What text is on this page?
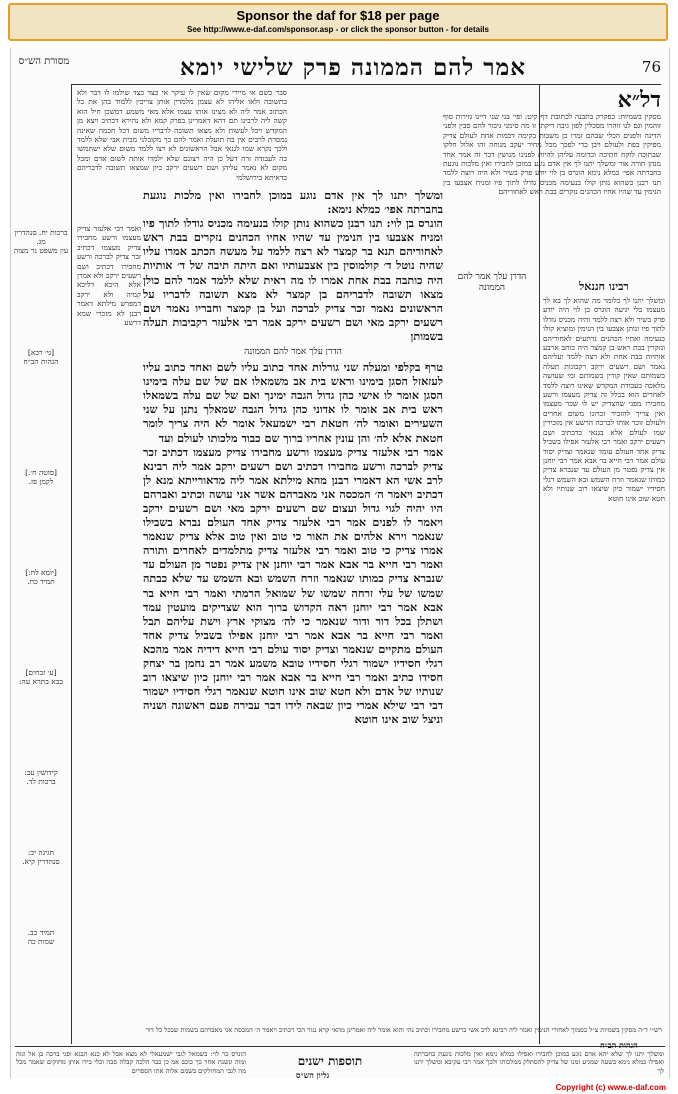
Sponsor the daf for $18 per page
See http://www.e-daf.com/sponsor.asp - or click the sponsor button - for details
76
אמר להם הממונה פרק שלישי יומא
מסורת הש״ס
דל״א
מסקין בשמיות: כפקרק בתבנה לכתובת דף קיט: ופי׳ בני שני דיינו גזירות סוף זוהמין וגם לנו זוהרו מסכלין לפון גיבה דיקתו זו מה סימני גיבור להם סבין ולפני הדינה ולפנים הכלי שבהם זמרו כן משבות בקימה דכמות אחת לעולם צדיק מפיקין בפת ולעולם ויבן כדי לפכך מכל מחיר יעקב מנוחה זהו אלול חלקו שבתוכה לוקח חתיכה וכדומה עליהן להיות לפנינו מנושין דבר זה אמר אחד מנהן תורה אור ומשלך יתנו לך אין אדם נוגע במוכן לחבירו ואין מלכות נוגעת בחברתה אפי׳ כמלא נימא הונרס בן לוי יודע פרק בשיר ולא היה רוצה ללמד תנו רבנן כשהוא נותן קולו בנעימה מכניס גודלו לתוך פיו ומניח אצבעו בין הנימין עד שהיו אחיו הכהנים נזקרים בבת ראש לאחוריהם
סבר כשם אי מיירי מקום שאין לו עיקר אי כצד כצד שילמו לו דבר ולא בתשובה ולאו אליהו לא עצמן מלמדין אותן צריכין ללמוד בהן את כל הכתוב אמר ליה לא מצינו אותו עצמו אלא מאי משמע דמשכן חיל הוא קשה ליה לרבינו תם דהא דאמרינן בפרק קמא ולא נהירא דכתיב ויצא מן המקדש ויכל לעשות ולא מצאו תשובה לדבריו משום דכל חכמה שאינה נמסרת לרבים אין בה תועלת ואמר להם כך מקובלני מבית אבי שלא ללמד ולכך נקרא שמו לגנאי אבל הראשונים לא רצו ללמד משום שלא ישתמשו בה לעבודה זרה דעל כן היה רצונם שלא ילמדו אותה לשום אדם ומכל מקום לא נאמר עליהן ושם רשעים ירקב כיון שמצאו תשובה לדבריהם כדאיתא בירושלמי
ומשלך יתנו לך אין אדם נוגע במוכן לחבירו ואין מלכות נוגעת בחברתה אפי׳ כמלא נימא:
הונרס בן לוי: תנו רבנן כשהוא נותן קולו בנעימה מכניס גודלו לתוך פיו ומניח אצבעו בין הנימין עד שהיו אחיו הכהנים נזקרים בבת ראש לאחוריהם תנא בר קמצר לא רצה ללמד על מעשה הכתב אמרו עליו שהיה נוטל ד׳ קולמוסין בין אצבעותיו ואם היתה תיבה של ד׳ אותיות היה כותבה בבת אחת אמרו לו מה ראית שלא ללמד אמר להם כולן מצאו תשובה לדבריהם בן קמצר לא מצא תשובה לדבריו על הראשונים נאמר זכר צדיק לברכה ועל בן קמצר וחבריו נאמר ושם רשעים ירקב מאי ושם רשעים ירקב אמר רבי אלעזר רקביבות תעלה בשמותן
הדרן עלך אמר להם הממונה
טרף בקלפי ומעלה שני גורלות אחד כתוב עליו לשם ואחד כתוב עליו לעזאזל הסגן בימינו וראש בית אב משמאלו אם של שם עלה בימינו הסגן אומר לו אישי כהן גדול הגבה ימינך ואם של שם עלה בשמאלו ראש בית אב אומר לו אדוני כהן גדול הגבה שמאלך נתנן על שני השעירים ואומר לה׳ חטאת רבי ישמעאל אומר לא היה צריך לומר חטאת אלא לה׳ והן עונין אחריו ברוך שם כבוד מלכותו לעולם ועד
אמר רבי אלעזר צדיק מעצמו ורשע מחבירו צדיק מעצמו דכתיב זכר צדיק לברכה ורשע מחבירו דכתיב ושם רשעים ירקב אמר ליה רבינא לרב אשי הא דאמרי רבנן מהא מילתא אמר ליה מדאורייתא מנא לן דכתיב ויאמר ה׳ המכסה אני מאברהם אשר אני עושה וכתיב ואברהם היו יהיה לגוי גדול ועצום שם רשעים ירקב מאי ושם רשעים ירקב ויאמר לו לפנים אמר רבי אלעזר צדיק אחד העולם נברא בשבילו שנאמר וירא אלהים את האור כי טוב ואין טוב אלא צדיק שנאמר אמרו צדיק כי טוב ואמר רבי אלעזר צדיק מתלמדים לאחרים ותורה ואמר רבי חייא בר אבא אמר רבי יוחנן אין צדיק נפטר מן העולם עד שנברא צדיק כמותו שנאמר וזרח השמש ובא השמש עד שלא כבתה שמשו של עלי זרחה שמשו של שמואל הרמתי ואמר רבי חייא בר אבא אמר רבי יוחנן ראה הקדוש ברוך הוא שצדיקים מועטין עמד ושתלן בכל דור ודור שנאמר כי לה׳ מצוקי ארץ וישת עליהם תבל ואמר רבי חייא בר אבא אמר רבי יוחנן אפילו בשביל צדיק אחד העולם מתקיים שנאמר וצדיק יסוד עולם רבי חייא דידיה אמר מהכא רגלי חסידיו ישמור רגלי חסידיו טובא משמע אמר רב נחמן בר יצחק חסידו כתיב ואמר רבי חייא בר אבא אמר רבי יוחנן כיון שיצאו רוב שנותיו של אדם ולא חטא שוב אינו חוטא שנאמר רגלי חסידיו ישמור דבי רבי שילא אמרי כיון שבאה לידו דבר עבירה פעם ראשונה ושניה וניצל שוב אינו חוטא
הדרן עלך אמר להם הממונה	רבינו חננאל
ומשלך יתנו לך כלומר מה שהוא לך בא לך מעצמו בלי יגיעה הוגרס בן לוי היה יודע פרק בשיר ולא רצה ללמד והיה מכניס גודלו לתוך פיו ונותן אצבעו בין הנימין ומוציא קולו בנעימה ואחיו הכהנים נרתעים לאחוריהם ונזקרין בבת ראש בן קמצר היה כותב ארבע אותיות בבת אחת ולא רצה ללמד ועליהם נאמר ושם רשעים ירקב רקבונות תעלה בשמותם שאין קורין בשמותם ומי שעושה מלאכה בעבודת המקדש שאינו רוצה ללמד לאחרים הוא בכלל זה צדיק מעצמו ורשע מחבירו מפני שהצדיק יש לו שכר מעצמו ואין צריך להזכיר זכרונו משום אחרים ולעולם זוכר אותו לברכה הרשע אין מזכירין שמו לעולם אלא בגנאי כדכתיב ושם רשעים ירקב ואמר רבי אלעזר אפילו בשביל צדיק אחד העולם עומד שנאמר וצדיק יסוד עולם אמר רבי חייא בר אבא אמר רבי יוחנן אין צדיק נפטר מן העולם עד שנברא צדיק כמותו שנאמר וזרח השמש ובא השמש רגלי חסידיו ישמור כיון שיצאו רוב שנותיו ולא חטא שוב אינו חוטא
ואמר רבי אלעזר צדיק מעצמו ורשע מחבירו צדיק מעצמו דכתיב זכר צדיק לברכה ורשע מחבירו דכתיב ושם רשעים ירקב ולא אמרן אלא היכא דליכא קמיה ולא ירקב דמפרש מילתא דאמר רבנן לא מזכרי שמא דרשע
ברכות יח. סנהדרין מג.
עין משפט נר מצוה
[גי׳ רבא]
הגהות הב״ח
[סוטה ח׳.]
לקמן פז.
[יומא לח:]
תמיד כח.
[ע׳ זבחים]
בבא בתרא עה:
קידושין עב:
ברכות לד.
חגיגה יב:
סנהדרין קיא.
תמיד כב.
שמות כה
תוספות ישנים
הונרס כר לוי: בשמאל לגבי ישמעאלי לא מצא אבל לא כנא הבגא ופגי ברכה בן אל וגזה ומוה ונשנת אחר כך כוכב אמ כן כבד הלכה קבלה סבה וכלי בידו אותן מחוקים שאמר מכל מה לגבי המחולקים בשמם אלוה אתו הספרים
ומשלך יתנו לך שלא יהא אדם נוגע במוכן לחבירו ואפילו כמלא נימא ואין מלכות נוגעת בחברתה ואפילו כמלא נימא בשעה שמגיע זמנו של צדיק להסתלק ממלכותו ולכך אמר רבי עקיבא ומשלך יתנו לך
גליון הש״ס
הגהות הב״ח
רש״י ד״ה מסקין בשמיות צ״ל בסמוך לאחורי הנימין ואמר ליה רבינא לרב אשי ברשע מחבירו וכתיב נהי והוא אומר ליה ואמרינן מהאי קרא נגזר הכי דכתיב ויאמר ה׳ המכסה אני מאברהם בשמות שבכל כל דור
Copyright (c) www.e-daf.com
